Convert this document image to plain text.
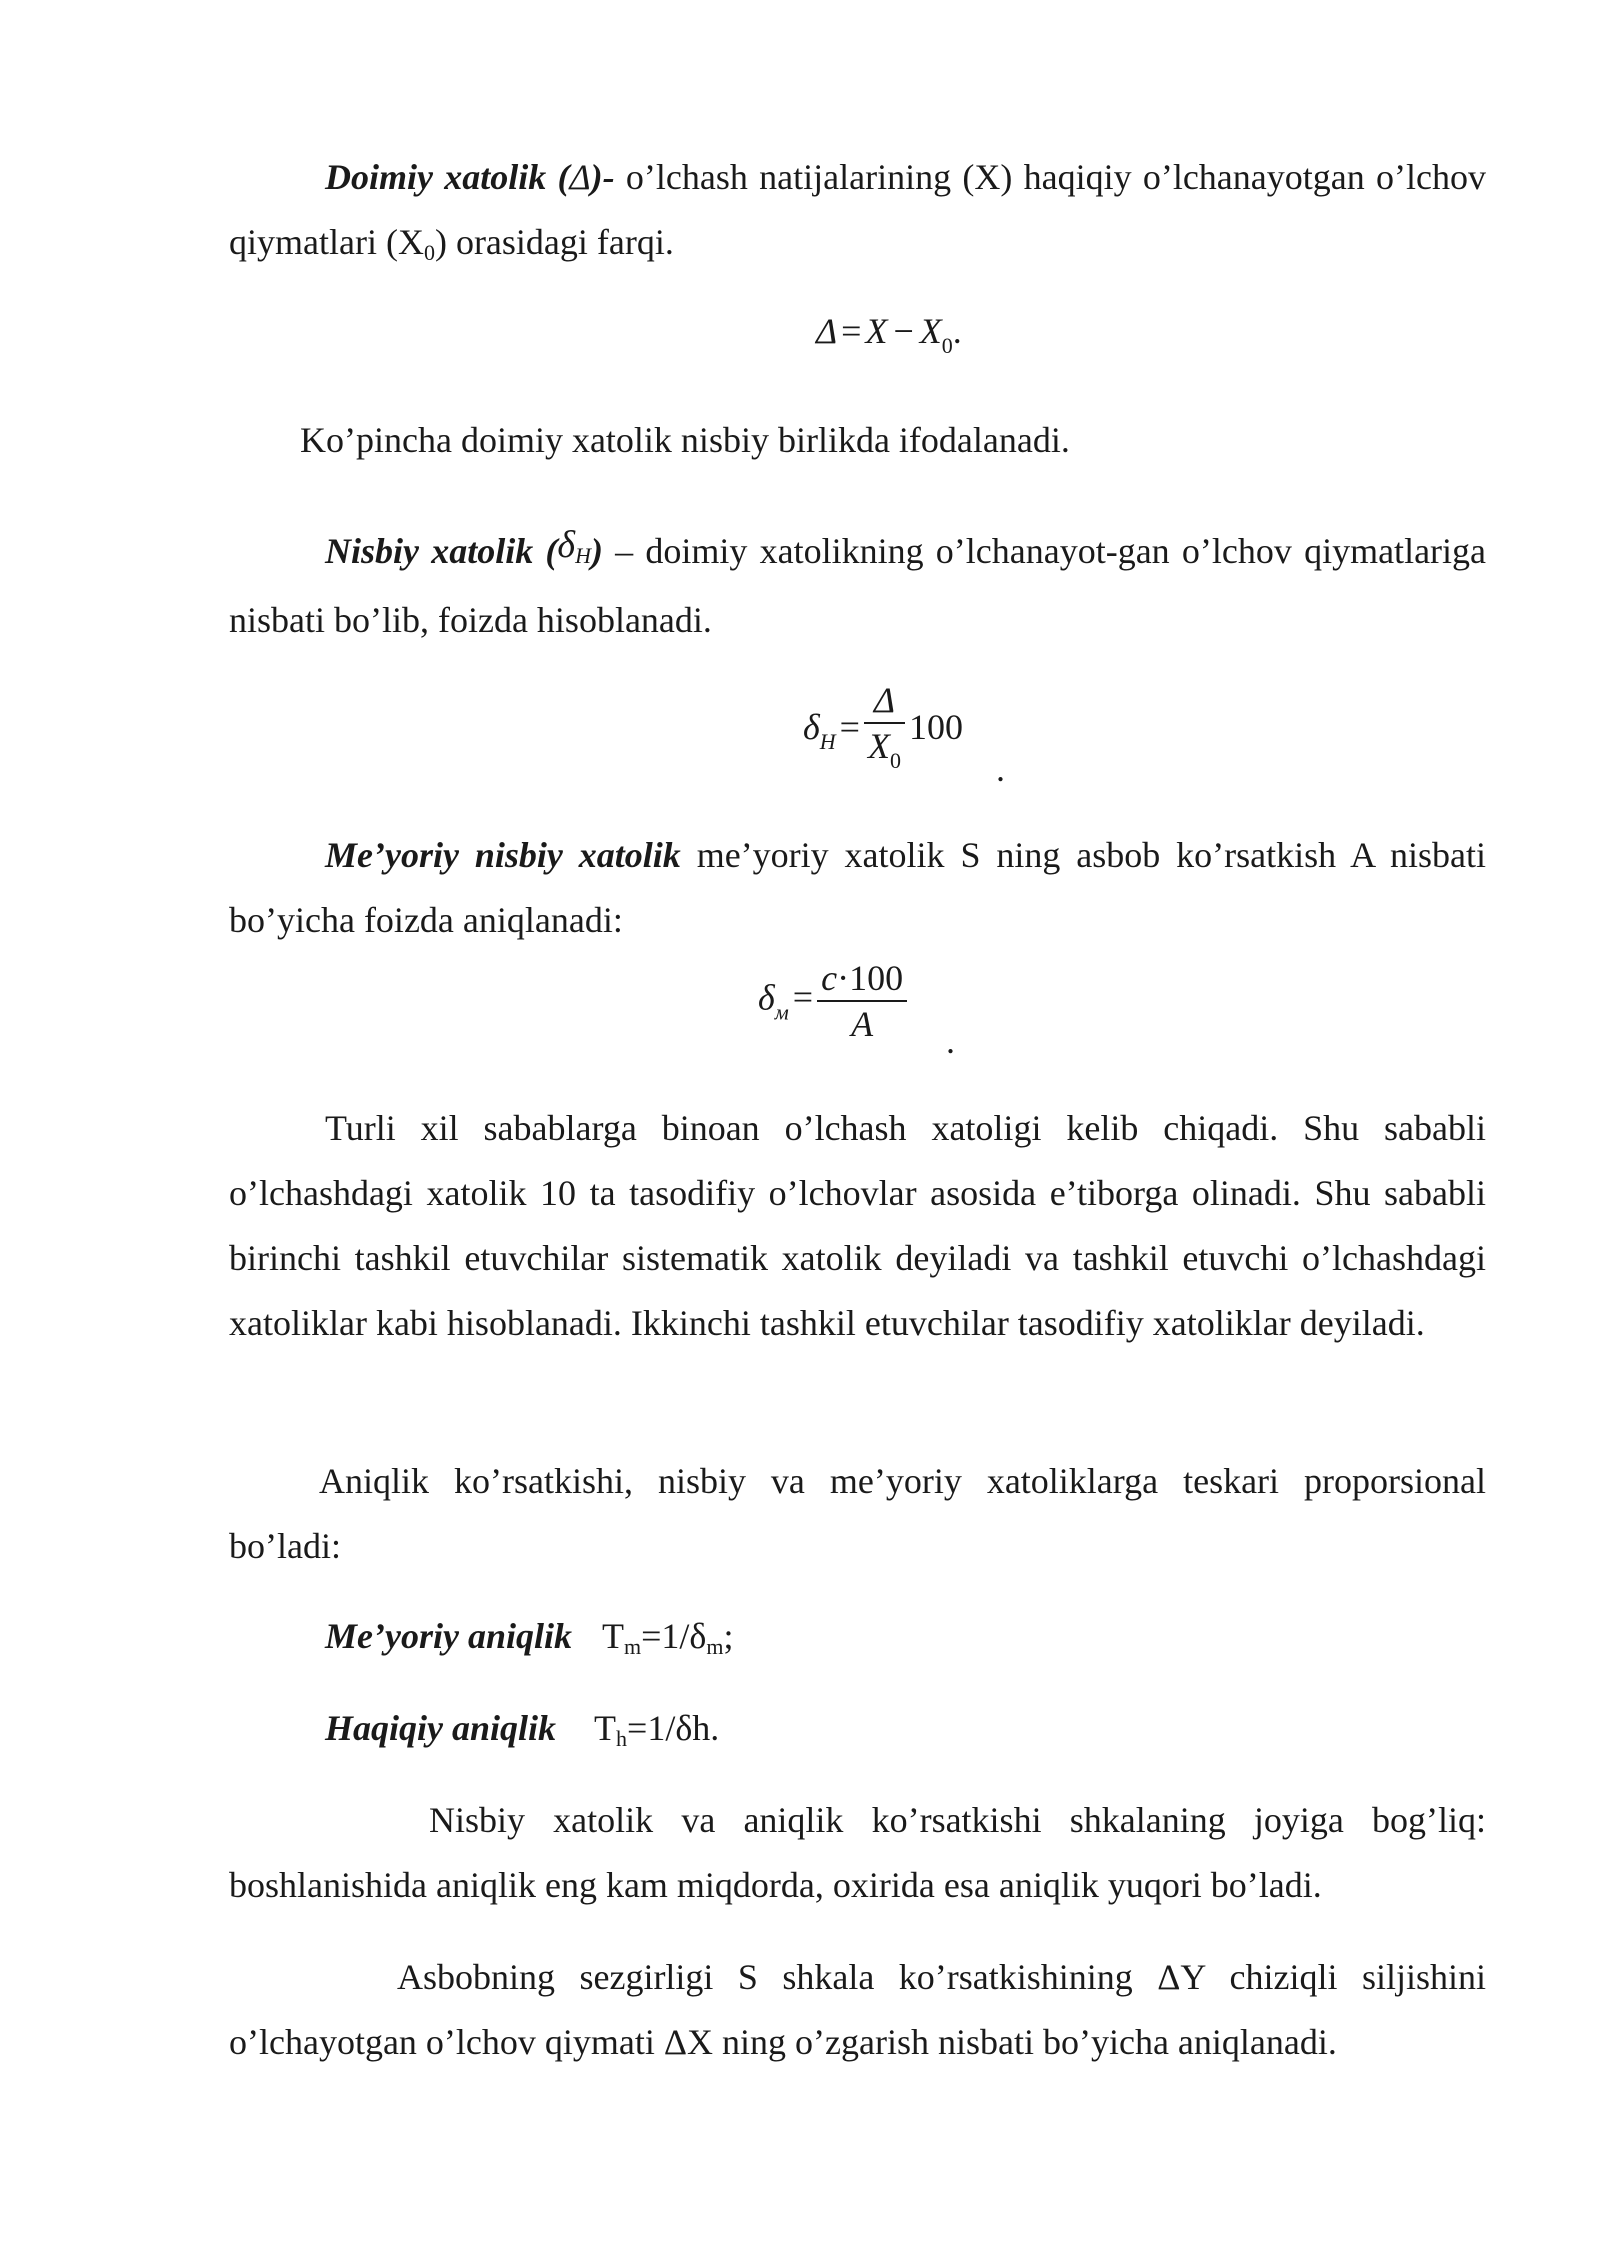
Doimiy xatolik (Δ)- o’lchash natijalarining (X) haqiqiy o’lchanayotgan o’lchov qiymatlari (X0) orasidagi farqi.

$\Delta = X - X_0$.

Ko’pincha doimiy xatolik nisbiy birlikda ifodalanadi.

Nisbiy xatolik (δH) – doimiy xatolikning o’lchanayot-gan o’lchov qiymatlariga nisbati bo’lib, foizda hisoblanadi.

$\delta_H = \frac{\Delta}{X_0} 100$
.

Me’yoriy nisbiy xatolik me’yoriy xatolik S ning asbob ko’rsatkish A nisbati bo’yicha foizda aniqlanadi:

$\delta_м = \frac{c\cdot 100}{A}$ .

Turli xil sabablarga binoan o’lchash xatoligi kelib chiqadi. Shu sababli o’lchashdagi xatolik 10 ta tasodifiy o’lchovlar asosida e’tiborga olinadi. Shu sababli birinchi tashkil etuvchilar sistematik xatolik deyiladi va tashkil etuvchi o’lchashdagi xatoliklar kabi hisoblanadi. Ikkinchi tashkil etuvchilar tasodifiy xatoliklar deyiladi.

Aniqlik ko’rsatkishi, nisbiy va me’yoriy xatoliklarga teskari proporsional bo’ladi:

Me’yoriy aniqlik Tm=1/δm;

Haqiqiy aniqlik Th=1/δh.

Nisbiy xatolik va aniqlik ko’rsatkishi shkalaning joyiga bog’liq: boshlanishida aniqlik eng kam miqdorda, oxirida esa aniqlik yuqori bo’ladi.

Asbobning sezgirligi S shkala ko’rsatkishining ΔY chiziqli siljishini o’lchayotgan o’lchov qiymati ΔX ning o’zgarish nisbati bo’yicha aniqlanadi.
